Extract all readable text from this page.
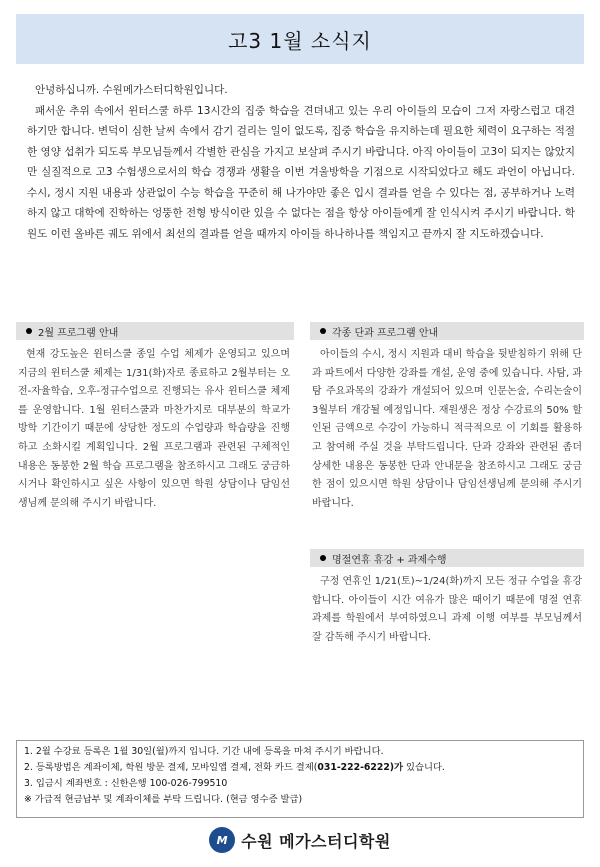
고3 1월 소식지

안녕하십니까. 수원메가스터디학원입니다.

패서운 추위 속에서 윈터스쿨 하루 13시간의 집중 학습을 견뎌내고 있는 우리 아이들의 모습이 그저 자랑스럽고 대견하기만 합니다. 변덕이 심한 날씨 속에서 감기 걸리는 일이 없도록, 집중 학습을 유지하는데 필요한 체력이 요구하는 적절한 영양 섭취가 되도록 부모님들께서 각별한 관심을 가지고 보살펴 주시기 바랍니다. 아직 아이들이 고3이 되지는 않았지만 실질적으로 고3 수험생으로서의 학습 경쟁과 생활을 이번 겨울방학을 기점으로 시작되었다고 해도 과언이 아닙니다. 수시, 정시 지원 내용과 상관없이 수능 학습을 꾸준히 해 나가야만 좋은 입시 결과를 얻을 수 있다는 점, 공부하거나 노력하지 않고 대학에 진학하는 엉뚱한 전형 방식이란 있을 수 없다는 점을 항상 아이들에게 잘 인식시켜 주시기 바랍니다. 학원도 이런 올바른 궤도 위에서 최선의 결과를 얻을 때까지 아이들 하나하나를 책임지고 끝까지 잘 지도하겠습니다.

2월 프로그램 안내
현재 강도높은 윈터스쿨 종일 수업 체제가 운영되고 있으며 지금의 윈터스쿨 체제는 1/31(화)자로 종료하고 2월부터는 오전-자율학습, 오후-정규수업으로 진행되는 유사 윈터스쿨 체제를 운영합니다. 1월 윈터스쿨과 마찬가지로 대부분의 학교가 방학 기간이기 때문에 상당한 정도의 수업량과 학습량을 진행하고 소화시킬 계획입니다. 2월 프로그램과 관련된 구체적인 내용은 동봉한 2월 학습 프로그램을 참조하시고 그래도 궁금하시거나 확인하시고 싶은 사항이 있으면 학원 상담이나 담임선생님께 문의해 주시기 바랍니다.
각종 단과 프로그램 안내
아이들의 수시, 정시 지원과 대비 학습을 뒷받침하기 위해 단과 파트에서 다양한 강좌를 개설, 운영 중에 있습니다. 사탐, 과탐 주요과목의 강좌가 개설되어 있으며 인문논술, 수리논술이 3월부터 개강될 예정입니다. 재원생은 정상 수강료의 50% 할인된 금액으로 수강이 가능하니 적극적으로 이 기회를 활용하고 참여해 주실 것을 부탁드립니다. 단과 강좌와 관련된 좀더 상세한 내용은 동봉한 단과 안내문을 참조하시고 그래도 궁금한 점이 있으시면 학원 상담이나 담임선생님께 문의해 주시기 바랍니다.
명절연휴 휴강 + 과제수행
구정 연휴인 1/21(토)~1/24(화)까지 모든 정규 수업을 휴강합니다. 아이들이 시간 여유가 많은 때이기 때문에 명절 연휴 과제를 학원에서 부여하였으니 과제 이행 여부를 부모님께서 잘 감독해 주시기 바랍니다.
1. 2월 수강료 등록은 1월 30일(월)까지 입니다. 기간 내에 등록을 마쳐 주시기 바랍니다.
2. 등록방법은 계좌이체, 학원 방문 결제, 모바일앱 결제, 전화 카드 결제(031-222-6222)가 있습니다.
3. 입금시 계좌번호 : 신한은행 100-026-799510
※ 가급적 현금납부 및 계좌이체를 부탁 드립니다. (현금 영수증 발급)
M 수원 메가스터디학원
